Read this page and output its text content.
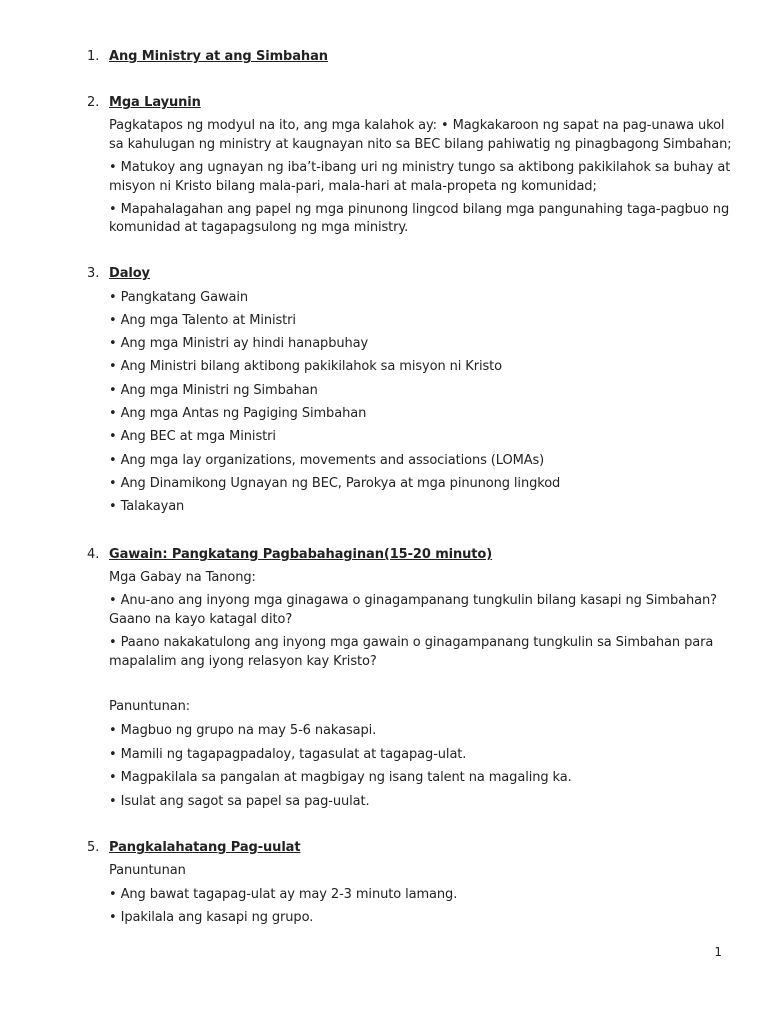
1. Ang Ministry at ang Simbahan
2. Mga Layunin
Pagkatapos ng modyul na ito, ang mga kalahok ay: • Magkakaroon ng sapat na pag-unawa ukol
sa kahulugan ng ministry at kaugnayan nito sa BEC bilang pahiwatig ng pinagbagong Simbahan;
• Matukoy ang ugnayan ng iba’t-ibang uri ng ministry tungo sa aktibong pakikilahok sa buhay at
misyon ni Kristo bilang mala-pari, mala-hari at mala-propeta ng komunidad;
• Mapahalagahan ang papel ng mga pinunong lingcod bilang mga pangunahing taga-pagbuo ng
komunidad at tagapagsulong ng mga ministry.
3. Daloy
• Pangkatang Gawain
• Ang mga Talento at Ministri
• Ang mga Ministri ay hindi hanapbuhay
• Ang Ministri bilang aktibong pakikilahok sa misyon ni Kristo
• Ang mga Ministri ng Simbahan
• Ang mga Antas ng Pagiging Simbahan
• Ang BEC at mga Ministri
• Ang mga lay organizations, movements and associations (LOMAs)
• Ang Dinamikong Ugnayan ng BEC, Parokya at mga pinunong lingkod
• Talakayan
4. Gawain: Pangkatang Pagbabahaginan(15-20 minuto)
Mga Gabay na Tanong:
• Anu-ano ang inyong mga ginagawa o ginagampanang tungkulin bilang kasapi ng Simbahan?
Gaano na kayo katagal dito?
• Paano nakakatulong ang inyong mga gawain o ginagampanang tungkulin sa Simbahan para
mapalalim ang iyong relasyon kay Kristo?
Panuntunan:
• Magbuo ng grupo na may 5-6 nakasapi.
• Mamili ng tagapagpadaloy, tagasulat at tagapag-ulat.
• Magpakilala sa pangalan at magbigay ng isang talent na magaling ka.
• Isulat ang sagot sa papel sa pag-uulat.
5. Pangkalahatang Pag-uulat
Panuntunan
• Ang bawat tagapag-ulat ay may 2-3 minuto lamang.
• Ipakilala ang kasapi ng grupo.
1
